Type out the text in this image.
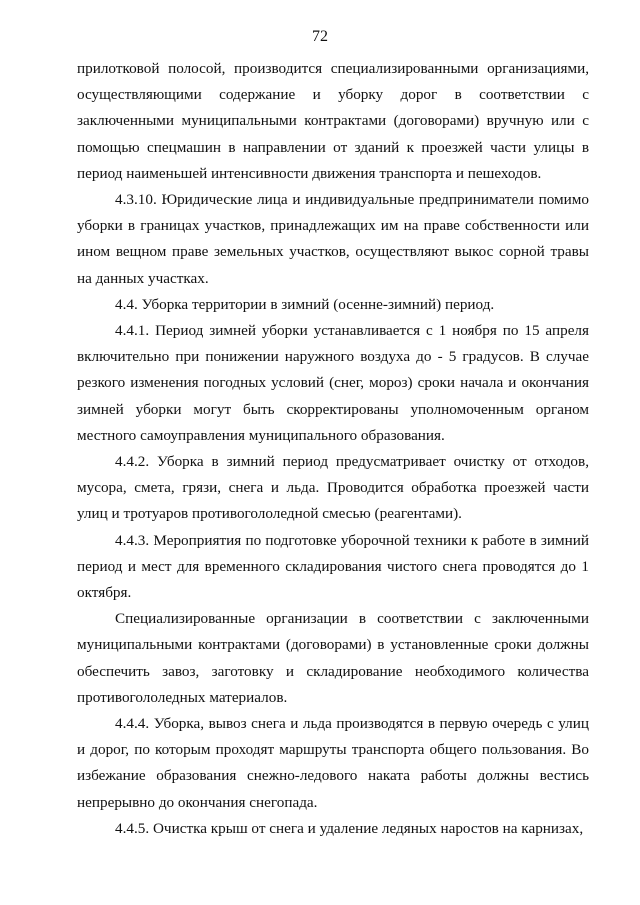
72

прилотковой полосой, производится специализированными организациями, осуществляющими содержание и уборку дорог в соответствии с заключенными муниципальными контрактами (договорами) вручную или с помощью спецмашин в направлении от зданий к проезжей части улицы в период наименьшей интенсивности движения транспорта и пешеходов.

4.3.10. Юридические лица и индивидуальные предприниматели помимо уборки в границах участков, принадлежащих им на праве собственности или ином вещном праве земельных участков, осуществляют выкос сорной травы на данных участках.

4.4. Уборка территории в зимний (осенне-зимний) период.

4.4.1. Период зимней уборки устанавливается с 1 ноября по 15 апреля включительно при понижении наружного воздуха до - 5 градусов. В случае резкого изменения погодных условий (снег, мороз) сроки начала и окончания зимней уборки могут быть скорректированы уполномоченным органом местного самоуправления муниципального образования.

4.4.2. Уборка в зимний период предусматривает очистку от отходов, мусора, смета, грязи, снега и льда. Проводится обработка проезжей части улиц и тротуаров противогололедной смесью (реагентами).

4.4.3. Мероприятия по подготовке уборочной техники к работе в зимний период и мест для временного складирования чистого снега проводятся до 1 октября.

Специализированные организации в соответствии с заключенными муниципальными контрактами (договорами) в установленные сроки должны обеспечить завоз, заготовку и складирование необходимого количества противогололедных материалов.

4.4.4. Уборка, вывоз снега и льда производятся в первую очередь с улиц и дорог, по которым проходят маршруты транспорта общего пользования. Во избежание образования снежно-ледового наката работы должны вестись непрерывно до окончания снегопада.

4.4.5. Очистка крыш от снега и удаление ледяных наростов на карнизах,
